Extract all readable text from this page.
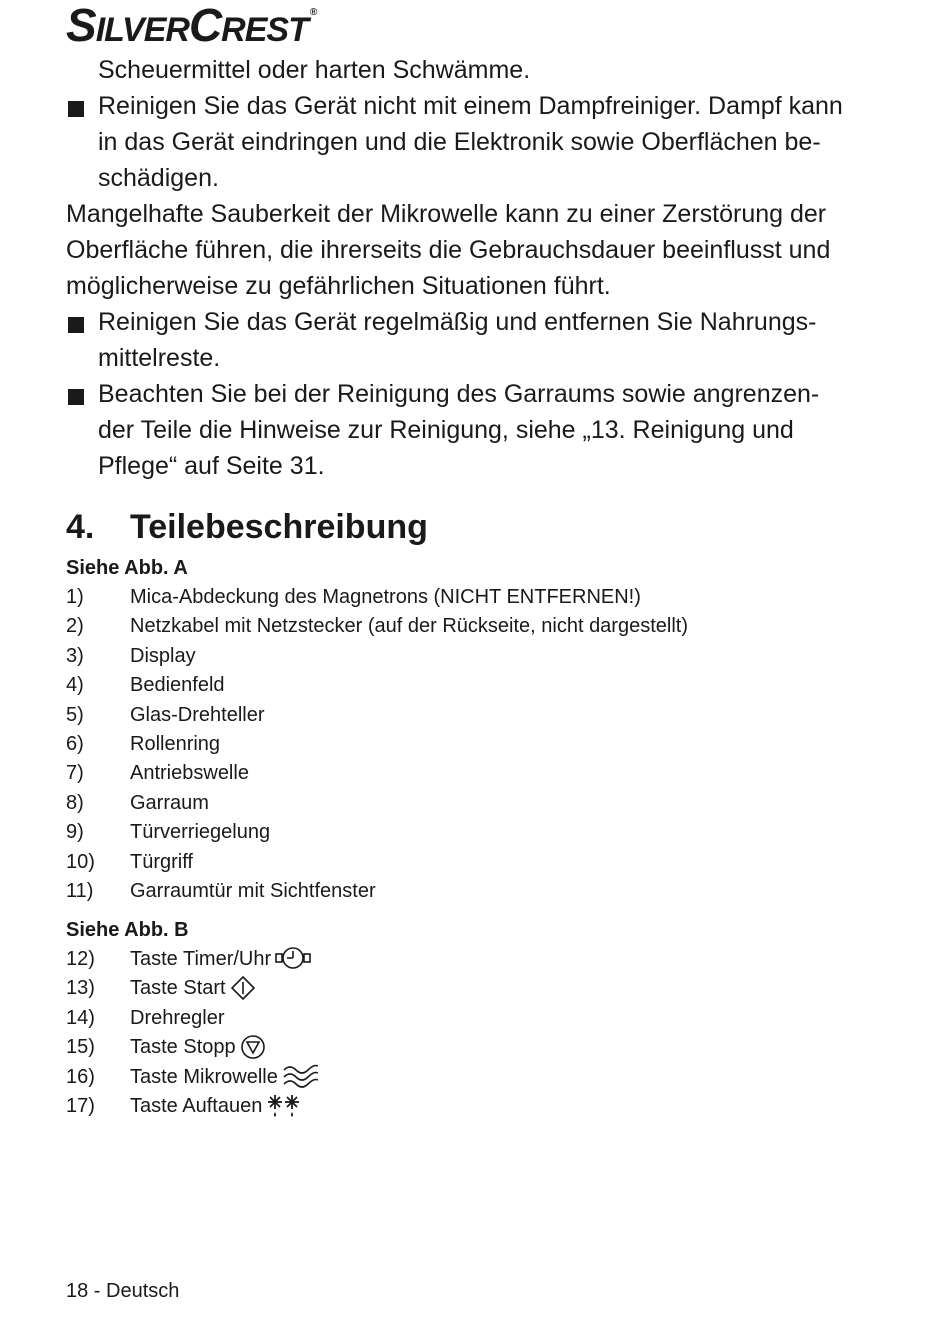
SILVERCREST ®
Scheuermittel oder harten Schwämme.
Reinigen Sie das Gerät nicht mit einem Dampfreiniger. Dampf kann
in das Gerät eindringen und die Elektronik sowie Oberflächen be-
schädigen.
Mangelhafte Sauberkeit der Mikrowelle kann zu einer Zerstörung der
Oberfläche führen, die ihrerseits die Gebrauchsdauer beeinflusst und
möglicherweise zu gefährlichen Situationen führt.
Reinigen Sie das Gerät regelmäßig und entfernen Sie Nahrungs-
mittelreste.
Beachten Sie bei der Reinigung des Garraums sowie angrenzen-
der Teile die Hinweise zur Reinigung, siehe „13. Reinigung und
Pflege“ auf Seite 31.
4. Teilebeschreibung
Siehe Abb. A
1) Mica-Abdeckung des Magnetrons (NICHT ENTFERNEN!)
2) Netzkabel mit Netzstecker (auf der Rückseite, nicht dargestellt)
3) Display
4) Bedienfeld
5) Glas-Drehteller
6) Rollenring
7) Antriebswelle
8) Garraum
9) Türverriegelung
10) Türgriff
11) Garraumtür mit Sichtfenster
Siehe Abb. B
12) Taste Timer/Uhr
13) Taste Start
14) Drehregler
15) Taste Stopp
16) Taste Mikrowelle
17) Taste Auftauen
18 - Deutsch
